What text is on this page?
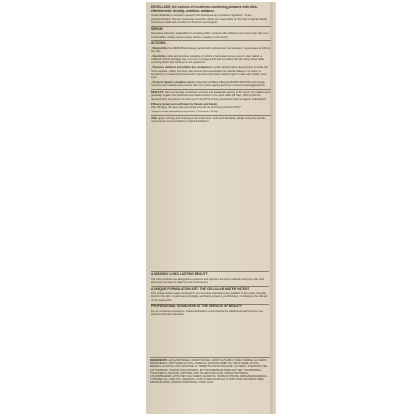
EXCELLAGE, the science of excellence combining pleasure with ultra-effectiveness: density–nutrition–radiance.

Institut Esthederm scientific research has developed an innovative ingredient, "smart polysaccharides" that can reactivate ceramide, which are responsible for the skin's natural cellular connectors which are crucial to its firmness and support.

SERUM

Nourishes intensely, redensifies for a lasting effect, restores skin radiance and more even skin tone. Comfortable, velvety serum-cream texture, powdery to the touch.

ACTIONS:

- Redensifies the REPAIR technology paired with a biomimetic micronutrient, regenerates and firms the skin.

- Nourishes noble and precious camellia oil, which is harvested once a year on Jeju Island, a UNESCO World Heritage site. It is rich in omega-3-6-9 and nourishes the skin deep down while ensuring better cell cohesion in the epidermis.

- Restores radiance and unifies the complexion: a plant-derived gluco-lipopolymer smooths the micro-surface, visibly improves skin texture and resuscitates its natural radiance. Its action is boosted by a moisturising biomimetic ingredient that better reflects light to make skin visibly more even.

- Protects against oxidative stress: patented GLOBAL CELLULAR PROTECTION technology counters free radicals and protects skin from photo-ageing and from environmental aggressions.

RESULTS: Skin is intensely nourished, soothed and pleasantly velvety to the touch. It is radiant and gradually regains the freshness and natural colour of its youth. After 28 days, 96% of women reported their complexion is more even* and 87% of them found their face to appear redensified*.

Efficacy tested and confirmed by friends and family:

After 56 days, the face was perceived to be firmer and more toned for 81%*.

*Usage test under dermatological supervision, 27 volunteers, 56 days

USE: apply morning and evening to the entire face, neck and décolleté, ideally using the specific movements recommended by Institut Esthederm.

A MISSION: LONG-LASTING BEAUTY

Our care products are designed to preserve and optimise the skin's natural resources over time and never the skin to adapt it to its environment.

A UNIQUE FORMULATION ART: THE CELLULAR WATER PATENT

This unique active water contained in our formulas reproduces the qualities of the water naturally found in the skin. It optimises cell vitality and helps preserve youthfulness. It enhances the efficacy of our treatments.

PROFESSIONAL KNOW-HOW AT THE SERVICE OF BEAUTY

For an exclusive experience, Institut Esthederm recommends the treatments performed by our partners with skin expertise.

INGREDIENTS: AQUA/WATER/EAU, DIMETHICONE, CAPRYLIC/CAPRIC TRIGLYCERIDE, GLYCERIN, PROPANEDIOL, BUTYLENE GLYCOL, CAMELLIA JAPONICA SEED OIL, PENTYLENE GLYCOL, BEHENYL ALCOHOL, POLYSILICONE-11, TRIMETHYLSILOXYSILICATE, GLYCERYL STEARATE, PEG-100 STEARATE, SODIUM HYALURONATE, BUTYROSPERMUM PARKII BUTTER, TOCOPHEROL, TOCOPHERYL ACETATE, XANTHAN GUM, SCLEROTIUM GUM, PHENOXYETHANOL, CHLORPHENESIN, ETHYLHEXYLGLYCERIN, MANNITOL, SODIUM CITRATE, PARFUM/FRAGRANCE, CITRONELLOL, LINALOOL, GERANIOL, ACRYLATES/C10-30 ALKYL ACRYLATE CROSSPOLYMER, DISODIUM EDTA, SODIUM HYDROXIDE, CITRIC ACID.
